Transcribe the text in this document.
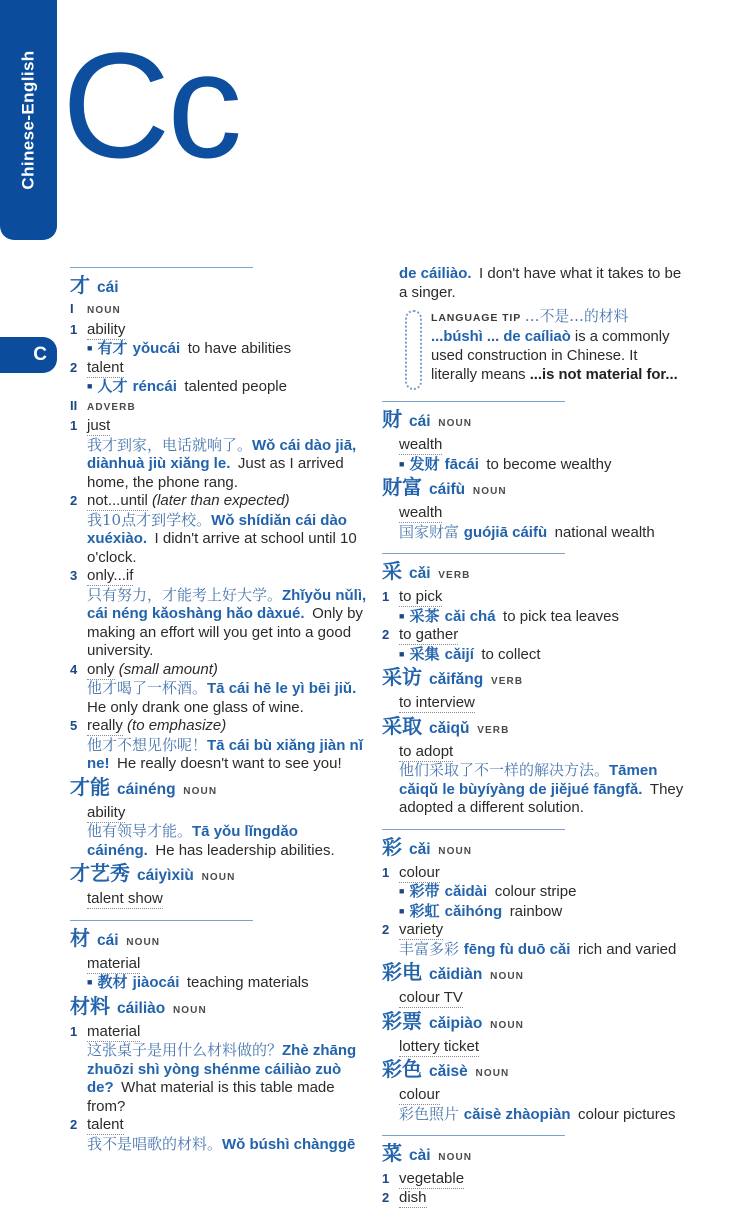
Chinese-English
C
Cc
才 cái
I NOUN
1 ability
■ 有才 yǒucái to have abilities
2 talent
■ 人才 réncái talented people
II ADVERB
1 just
我才到家，电话就响了。Wǒ cái dào jiā, diànhuà jiù xiǎng le. Just as I arrived home, the phone rang.
2 not...until (later than expected)
我10点才到学校。Wǒ shídiǎn cái dào xuéxiào. I didn't arrive at school until 10 o'clock.
3 only...if
只有努力，才能考上好大学。Zhǐyǒu nǔlì, cái néng kǎoshàng hǎo dàxué. Only by making an effort will you get into a good university.
4 only (small amount)
他才喝了一杯酒。Tā cái hē le yì bēi jiǔ. He only drank one glass of wine.
5 really (to emphasize)
他才不想见你呢！Tā cái bù xiǎng jiàn nǐ ne! He really doesn't want to see you!
才能 cáinéng NOUN
ability
他有领导才能。Tā yǒu lǐngdǎo cáinéng. He has leadership abilities.
才艺秀 cáiyìxiù NOUN
talent show
材 cái NOUN
material
■ 教材 jiàocái teaching materials
材料 cáiliào NOUN
1 material
这张桌子是用什么材料做的？Zhè zhāng zhuōzi shì yòng shénme cáiliào zuò de? What material is this table made from?
2 talent
我不是唱歌的材料。Wǒ búshì chànggē
de cáiliào. I don't have what it takes to be a singer.
LANGUAGE TIP …不是…的材料
...búshì ... de caíliaò is a commonly used construction in Chinese. It literally means ...is not material for...
财 cái NOUN
wealth
■ 发财 fācái to become wealthy
财富 cáifù NOUN
wealth
国家财富 guójiā cáifù national wealth
采 cǎi VERB
1 to pick
■ 采茶 cǎi chá to pick tea leaves
2 to gather
■ 采集 cǎijí to collect
采访 cǎifǎng VERB
to interview
采取 cǎiqǔ VERB
to adopt
他们采取了不一样的解决方法。Tāmen cǎiqǔ le bùyíyàng de jiějué fāngfǎ. They adopted a different solution.
彩 cǎi NOUN
1 colour
■ 彩带 cǎidài colour stripe
■ 彩虹 cǎihóng rainbow
2 variety
丰富多彩 fēng fù duō cǎi rich and varied
彩电 cǎidiàn NOUN
colour TV
彩票 cǎipiào NOUN
lottery ticket
彩色 cǎisè NOUN
colour
彩色照片 cǎisè zhàopiàn colour pictures
菜 cài NOUN
1 vegetable
2 dish
